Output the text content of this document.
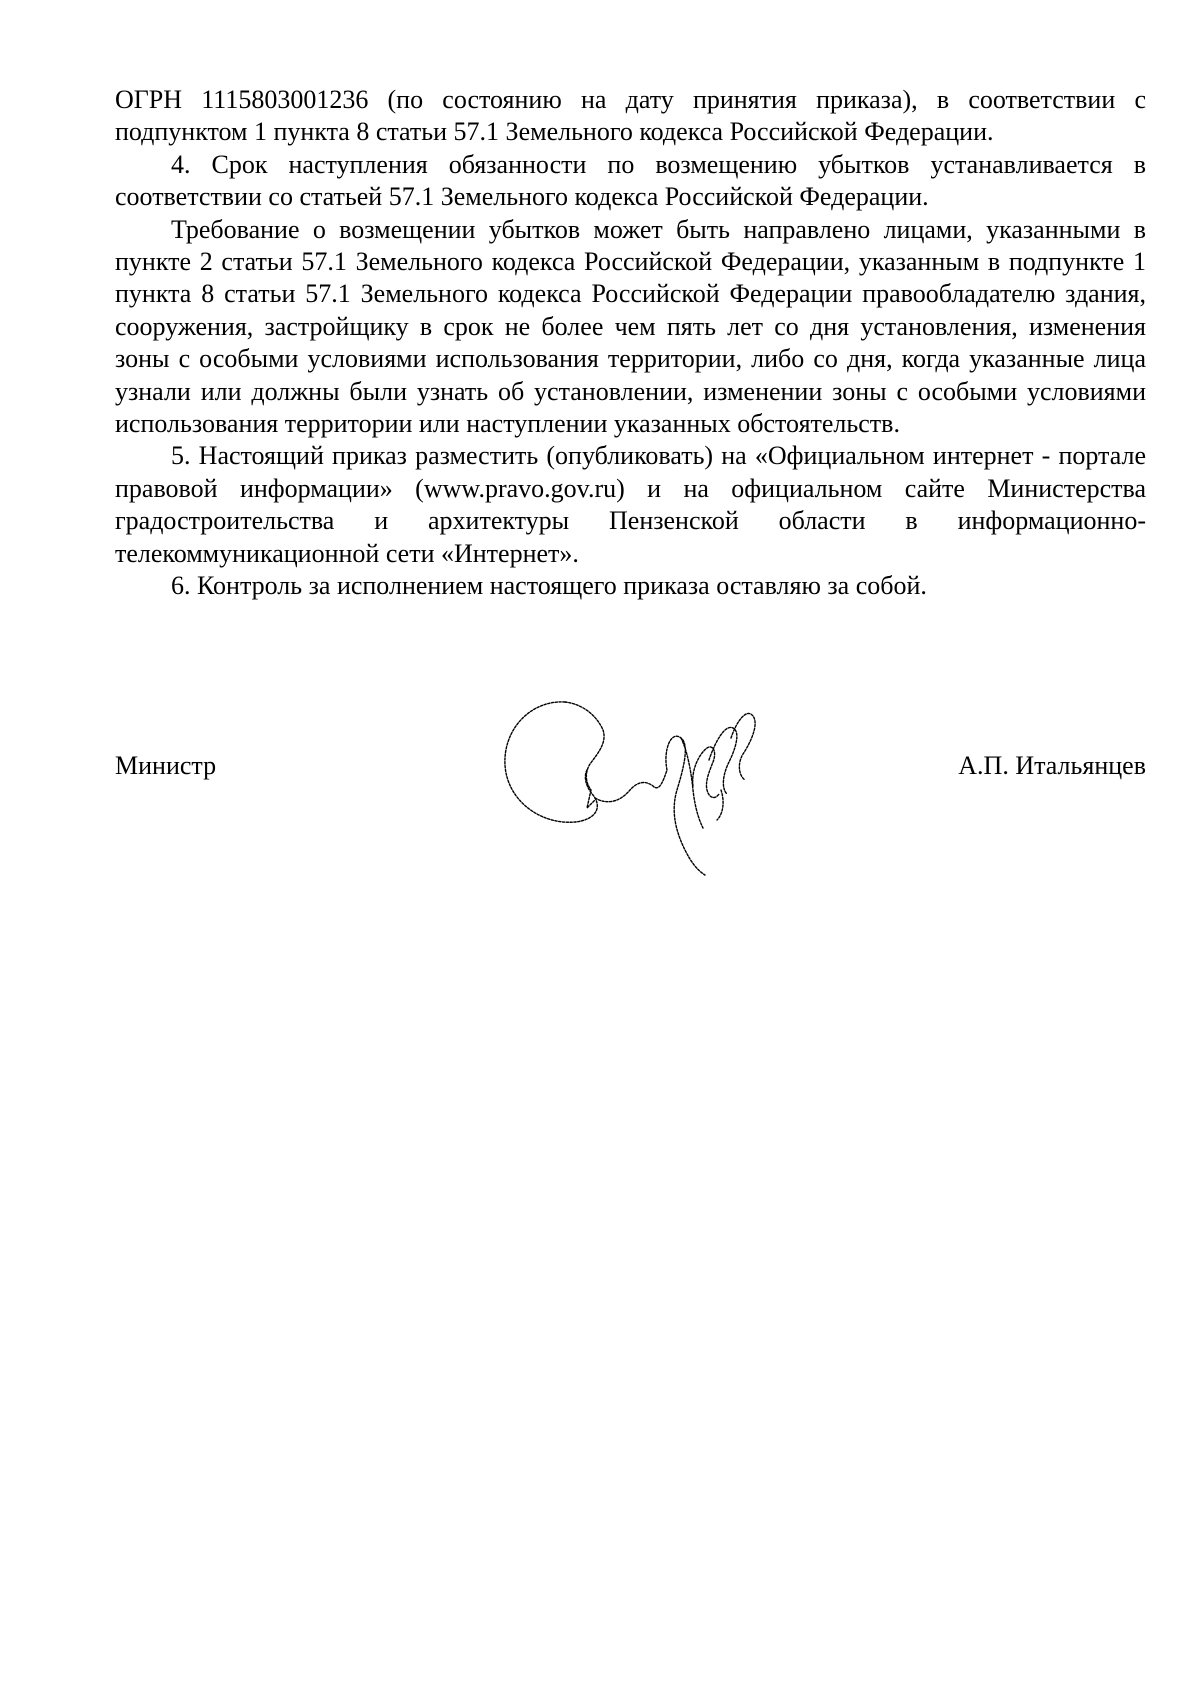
ОГРН 1115803001236 (по состоянию на дату принятия приказа), в соответствии с подпунктом 1 пункта 8 статьи 57.1 Земельного кодекса Российской Федерации.

4. Срок наступления обязанности по возмещению убытков устанавливается в соответствии со статьей 57.1 Земельного кодекса Российской Федерации.

Требование о возмещении убытков может быть направлено лицами, указанными в пункте 2 статьи 57.1 Земельного кодекса Российской Федерации, указанным в подпункте 1 пункта 8 статьи 57.1 Земельного кодекса Российской Федерации правообладателю здания, сооружения, застройщику в срок не более чем пять лет со дня установления, изменения зоны с особыми условиями использования территории, либо со дня, когда указанные лица узнали или должны были узнать об установлении, изменении зоны с особыми условиями использования территории или наступлении указанных обстоятельств.

5. Настоящий приказ разместить (опубликовать) на «Официальном интернет - портале правовой информации» (www.pravo.gov.ru) и на официальном сайте Министерства градостроительства и архитектуры Пензенской области в информационно-телекоммуникационной сети «Интернет».

6. Контроль за исполнением настоящего приказа оставляю за собой.

Министр	А.П. Итальянцев
